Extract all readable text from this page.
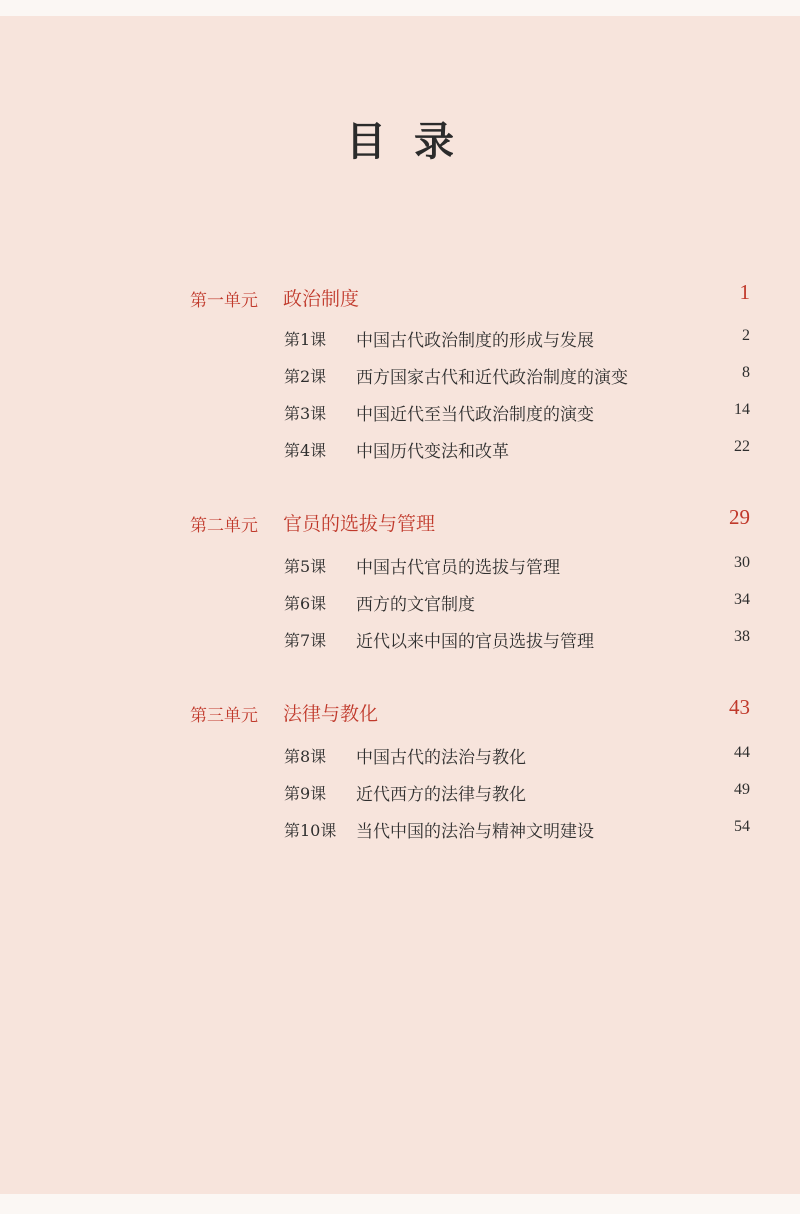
目录
第一单元 政治制度	1
第1课 中国古代政治制度的形成与发展	2
第2课 西方国家古代和近代政治制度的演变	8
第3课 中国近代至当代政治制度的演变	14
第4课 中国历代变法和改革	22
第二单元 官员的选拔与管理	29
第5课 中国古代官员的选拔与管理	30
第6课 西方的文官制度	34
第7课 近代以来中国的官员选拔与管理	38
第三单元 法律与教化	43
第8课 中国古代的法治与教化	44
第9课 近代西方的法律与教化	49
第10课 当代中国的法治与精神文明建设	54
